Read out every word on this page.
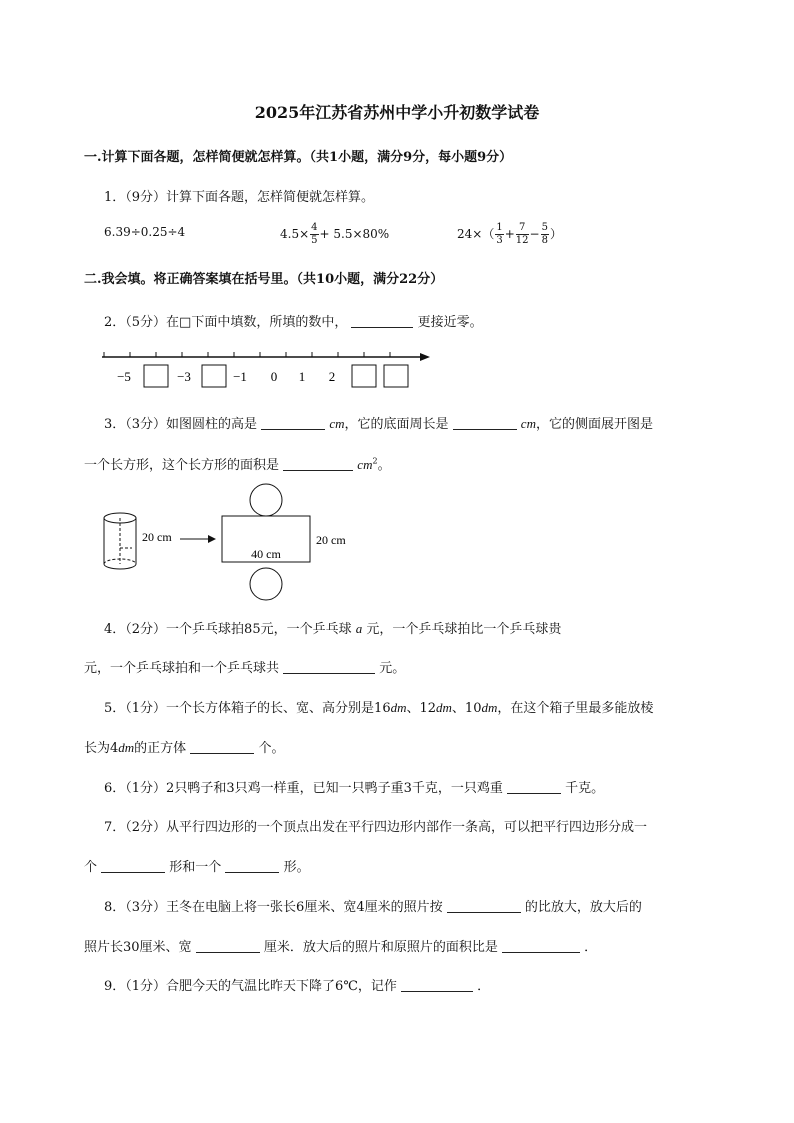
2025年江苏省苏州中学小升初数学试卷
一.计算下面各题，怎样简便就怎样算。（共1小题，满分9分，每小题9分）
1．（9分）计算下面各题，怎样简便就怎样算。
6.39÷0.25÷4	$4.5\times \frac{4}{5} + 5.5\times 80\%$	$24\times( \frac{1}{3} + \frac{7}{12} - \frac{5}{8}$ ）
二.我会填。将正确答案填在括号里。（共10小题，满分22分）
2．（5分）在□下面中填数，所填的数中，	更接近零。
−5	−3	−1 0 1 2
3．（3分）如图圆柱的高是	cm，它的底面周长是	cm，它的侧面展开图是
一个长方形，这个长方形的面积是	$cm^2$。
20 cm
40 cm
20 cm
4．（2分）一个乒乓球拍85元，一个乒乓球 a 元，一个乒乓球拍比一个乒乓球贵
元，一个乒乓球拍和一个乒乓球共	元。
5．（1分）一个长方体箱子的长、宽、高分别是16dm、12dm、10dm，在这个箱子里最多能放棱
长为4dm的正方体	个。
6．（1分）2只鸭子和3只鸡一样重，已知一只鸭子重3千克，一只鸡重	千克。
7．（2分）从平行四边形的一个顶点出发在平行四边形内部作一条高，可以把平行四边形分成一
个	形和一个	形。
8．（3分）王冬在电脑上将一张长6厘米、宽4厘米的照片按	的比放大，放大后的
照片长30厘米、宽	厘米．放大后的照片和原照片的面积比是	．
9．（1分）合肥今天的气温比昨天下降了6℃，记作	．
